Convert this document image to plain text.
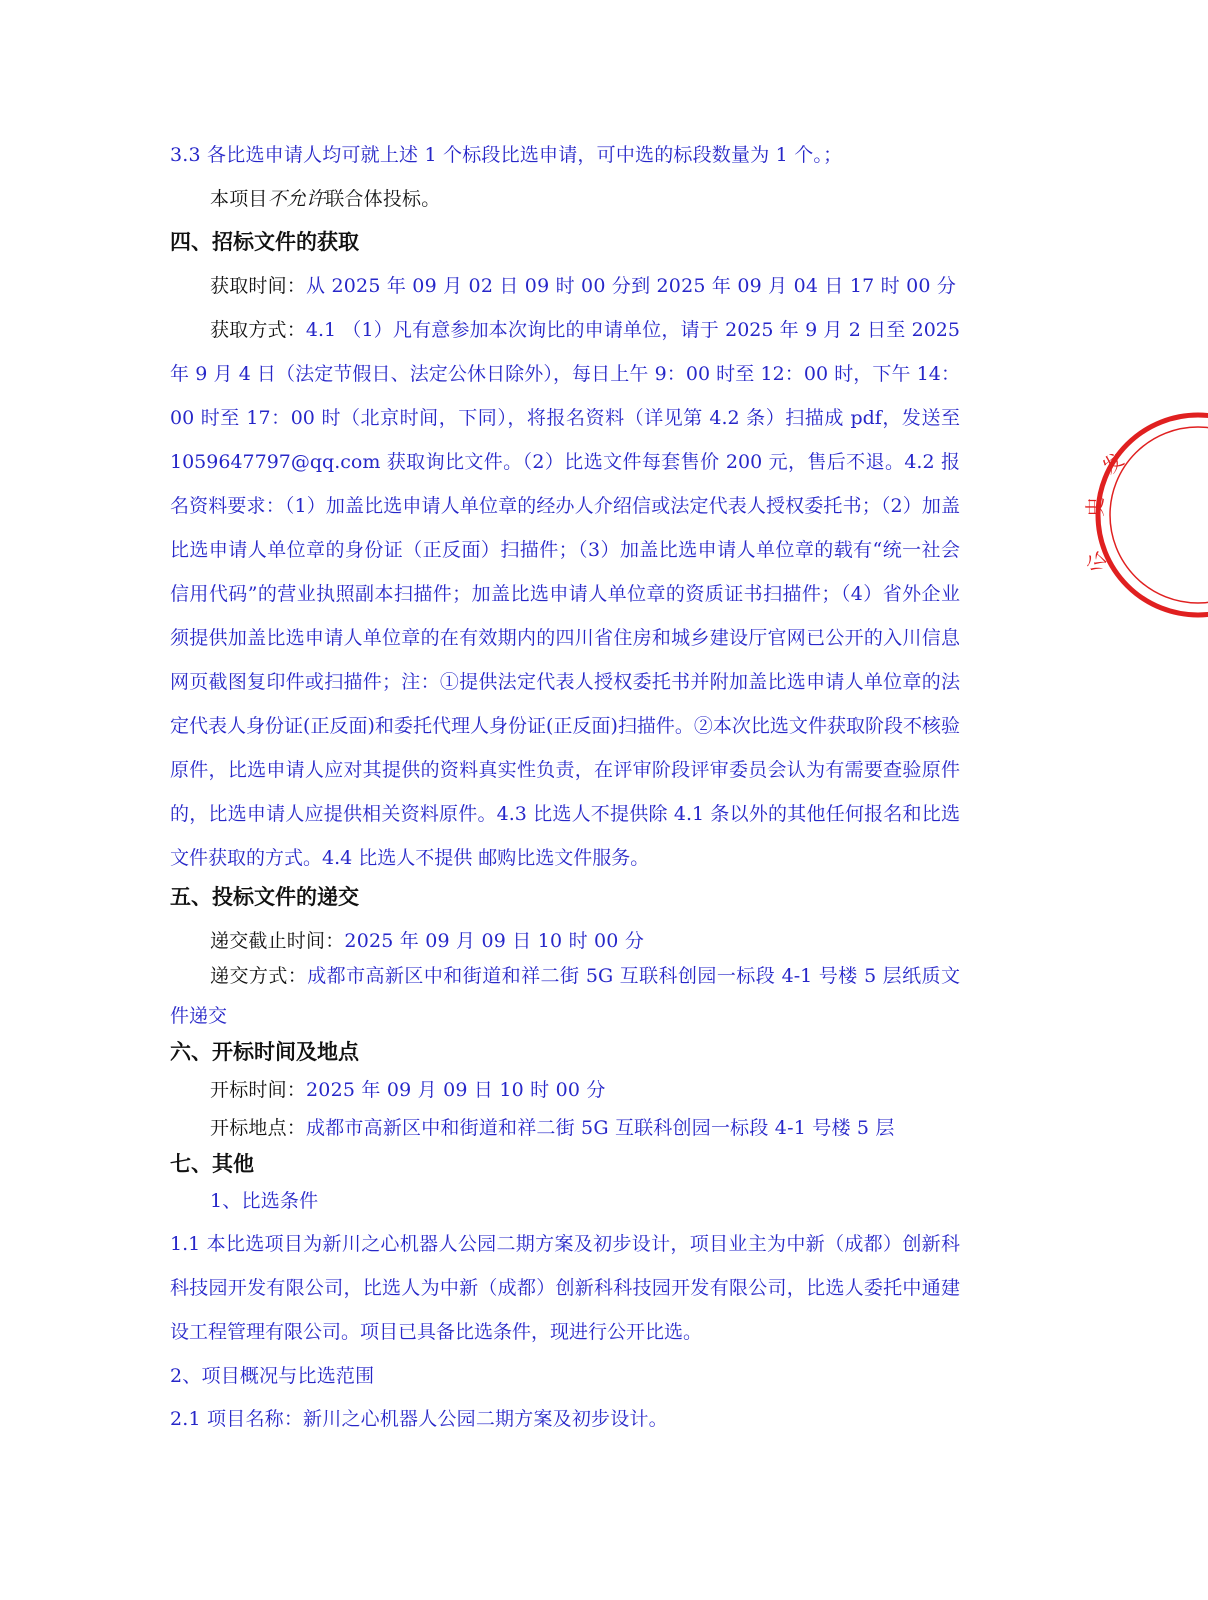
3.3 各比选申请人均可就上述 1 个标段比选申请，可中选的标段数量为 1 个。；
本项目不允许联合体投标。
四、招标文件的获取
获取时间：从 2025 年 09 月 02 日 09 时 00 分到 2025 年 09 月 04 日 17 时 00 分
获取方式：4.1 （1）凡有意参加本次询比的申请单位，请于 2025 年 9 月 2 日至 2025 年 9 月 4 日（法定节假日、法定公休日除外），每日上午 9：00 时至 12：00 时，下午 14：00 时至 17：00 时（北京时间，下同），将报名资料（详见第 4.2 条）扫描成 pdf，发送至 1059647797@qq.com 获取询比文件。（2）比选文件每套售价 200 元，售后不退。4.2 报名资料要求：（1）加盖比选申请人单位章的经办人介绍信或法定代表人授权委托书；（2）加盖比选申请人单位章的身份证（正反面）扫描件；（3）加盖比选申请人单位章的载有“统一社会信用代码”的营业执照副本扫描件；加盖比选申请人单位章的资质证书扫描件；（4）省外企业须提供加盖比选申请人单位章的在有效期内的四川省住房和城乡建设厅官网已公开的入川信息网页截图复印件或扫描件；注：①提供法定代表人授权委托书并附加盖比选申请人单位章的法定代表人身份证(正反面)和委托代理人身份证(正反面)扫描件。②本次比选文件获取阶段不核验原件，比选申请人应对其提供的资料真实性负责，在评审阶段评审委员会认为有需要查验原件的，比选申请人应提供相关资料原件。4.3 比选人不提供除 4.1 条以外的其他任何报名和比选文件获取的方式。4.4 比选人不提供 邮购比选文件服务。
五、投标文件的递交
递交截止时间：2025 年 09 月 09 日 10 时 00 分
递交方式：成都市高新区中和街道和祥二街 5G 互联科创园一标段 4-1 号楼 5 层纸质文件递交
六、开标时间及地点
开标时间：2025 年 09 月 09 日 10 时 00 分
开标地点：成都市高新区中和街道和祥二街 5G 互联科创园一标段 4-1 号楼 5 层
七、其他
1、比选条件
1.1 本比选项目为新川之心机器人公园二期方案及初步设计，项目业主为中新（成都）创新科科技园开发有限公司，比选人为中新（成都）创新科科技园开发有限公司，比选人委托中通建设工程管理有限公司。项目已具备比选条件，现进行公开比选。
2、项目概况与比选范围
2.1 项目名称：新川之心机器人公园二期方案及初步设计。
发
史
公
